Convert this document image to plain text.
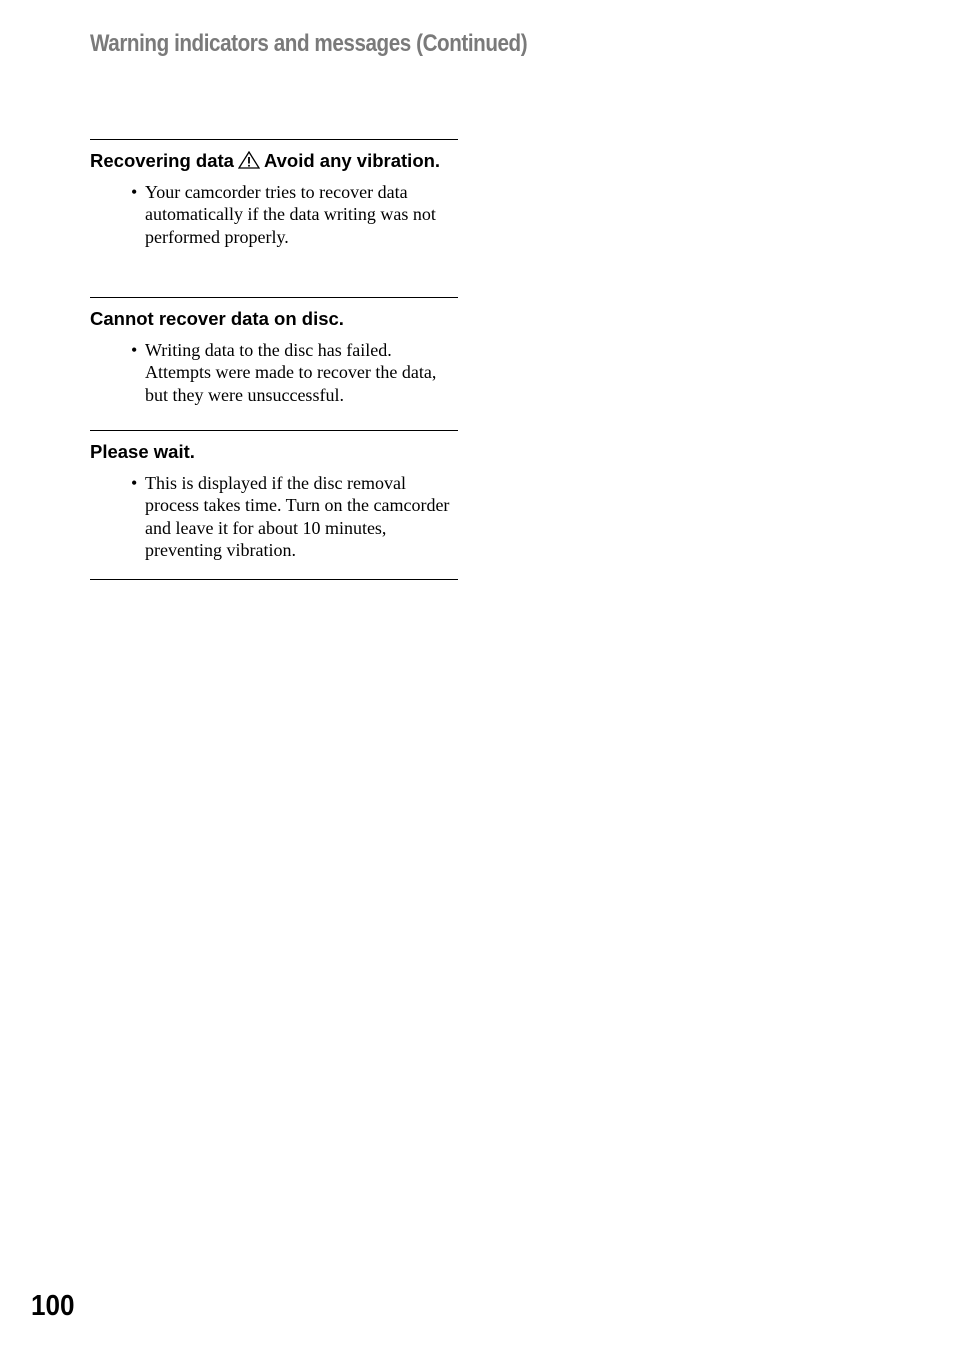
Warning indicators and messages (Continued)

Recovering data Avoid any vibration.

• Your camcorder tries to recover data automatically if the data writing was not performed properly.

Cannot recover data on disc.

• Writing data to the disc has failed. Attempts were made to recover the data, but they were unsuccessful.

Please wait.

• This is displayed if the disc removal process takes time. Turn on the camcorder and leave it for about 10 minutes, preventing vibration.
100
